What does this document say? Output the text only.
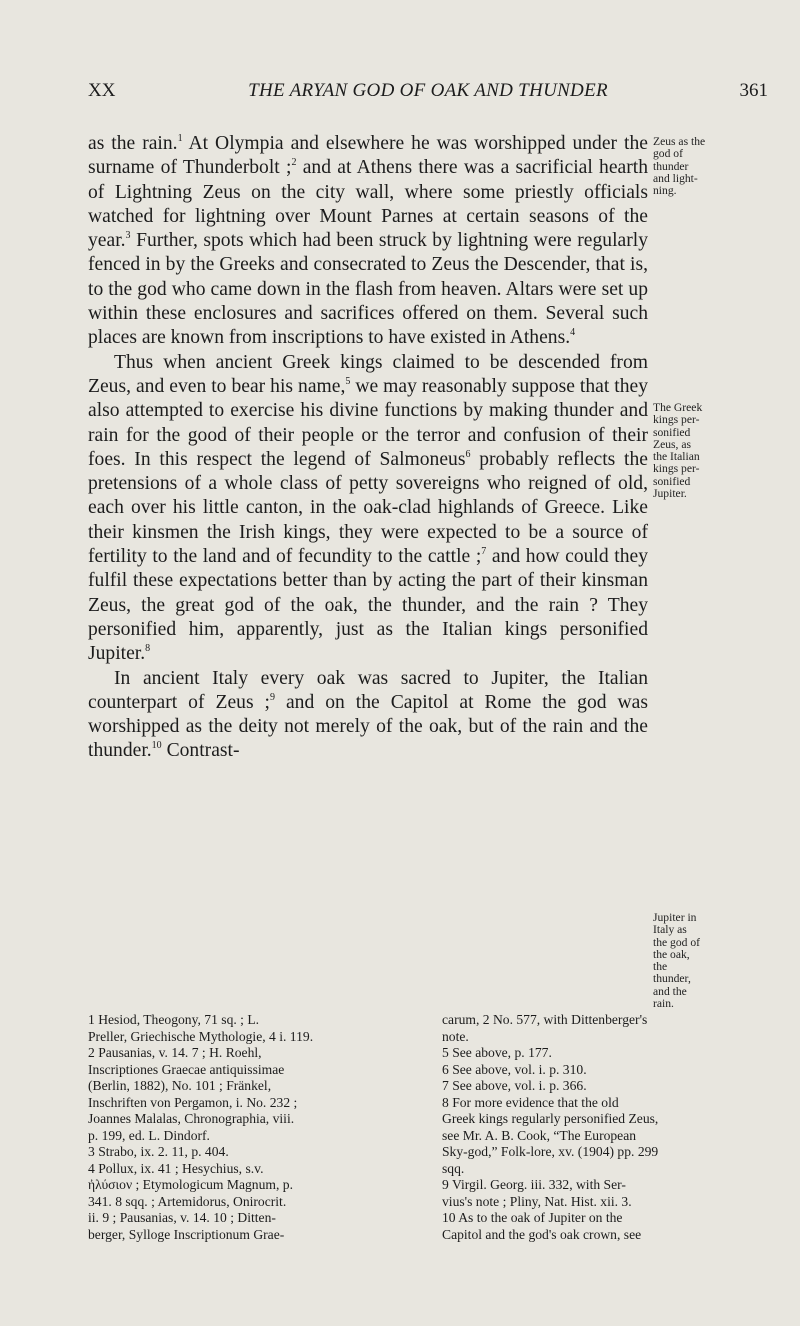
XX	THE ARYAN GOD OF OAK AND THUNDER	361

as the rain.$^1$ At Olympia and elsewhere he was worshipped under the surname of Thunderbolt ;$^2$ and at Athens there was a sacrificial hearth of Lightning Zeus on the city wall, where some priestly officials watched for lightning over Mount Parnes at certain seasons of the year.$^3$ Further, spots which had been struck by lightning were regularly fenced in by the Greeks and consecrated to Zeus the Descender, that is, to the god who came down in the flash from heaven. Altars were set up within these enclosures and sacrifices offered on them. Several such places are known from inscriptions to have existed in Athens.$^4$

Thus when ancient Greek kings claimed to be descended from Zeus, and even to bear his name,$^5$ we may reasonably suppose that they also attempted to exercise his divine functions by making thunder and rain for the good of their people or the terror and confusion of their foes. In this respect the legend of Salmoneus$^6$ probably reflects the pretensions of a whole class of petty sovereigns who reigned of old, each over his little canton, in the oak-clad highlands of Greece. Like their kinsmen the Irish kings, they were expected to be a source of fertility to the land and of fecundity to the cattle ;$^7$ and how could they fulfil these expectations better than by acting the part of their kinsman Zeus, the great god of the oak, the thunder, and the rain ? They personified him, apparently, just as the Italian kings personified Jupiter.$^8$

In ancient Italy every oak was sacred to Jupiter, the Italian counterpart of Zeus ;$^9$ and on the Capitol at Rome the god was worshipped as the deity not merely of the oak, but of the rain and the thunder.$^{10}$ Contrast-

Zeus as the
god of
thunder
and light-
ning.
The Greek
kings per-
sonified
Zeus, as
the Italian
kings per-
sonified
Jupiter.
Jupiter in
Italy as
the god of
the oak,
the
thunder,
and the
rain.
1 Hesiod, Theogony, 71 sq. ; L.
Preller, Griechische Mythologie, 4 i. 119.
2 Pausanias, v. 14. 7 ; H. Roehl,
Inscriptiones Graecae antiquissimae
(Berlin, 1882), No. 101 ; Fränkel,
Inschriften von Pergamon, i. No. 232 ;
Joannes Malalas, Chronographia, viii.
p. 199, ed. L. Dindorf.
3 Strabo, ix. 2. 11, p. 404.
4 Pollux, ix. 41 ; Hesychius, s.v.
ἠλύσιον ; Etymologicum Magnum, p.
341. 8 sqq. ; Artemidorus, Onirocrit.
ii. 9 ; Pausanias, v. 14. 10 ; Ditten-
berger, Sylloge Inscriptionum Grae-
carum, 2 No. 577, with Dittenberger's
note.
5 See above, p. 177.
6 See above, vol. i. p. 310.
7 See above, vol. i. p. 366.
8 For more evidence that the old
Greek kings regularly personified Zeus,
see Mr. A. B. Cook, “The European
Sky-god,” Folk-lore, xv. (1904) pp. 299
sqq.
9 Virgil. Georg. iii. 332, with Ser-
vius's note ; Pliny, Nat. Hist. xii. 3.
10 As to the oak of Jupiter on the
Capitol and the god's oak crown, see
